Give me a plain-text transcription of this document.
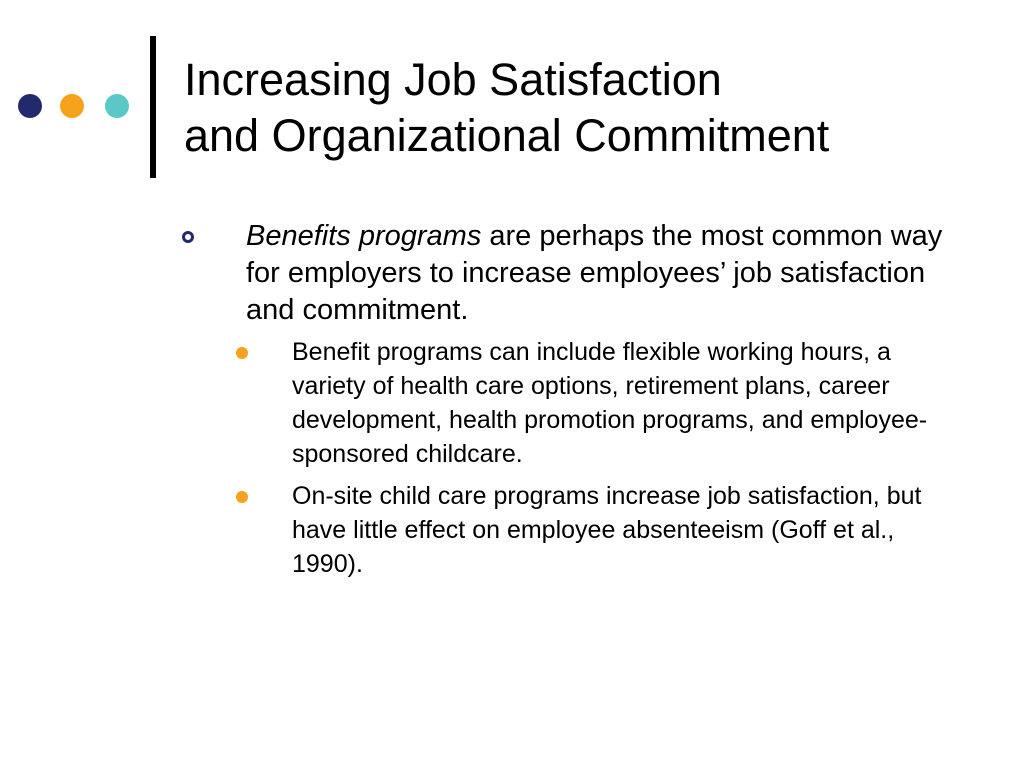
Increasing Job Satisfaction
and Organizational Commitment
Benefits programs are perhaps the most common way for employers to increase employees’ job satisfaction and commitment.
Benefit programs can include flexible working hours, a variety of health care options, retirement plans, career development, health promotion programs, and employee-sponsored childcare.
On-site child care programs increase job satisfaction, but have little effect on employee absenteeism (Goff et al., 1990).
